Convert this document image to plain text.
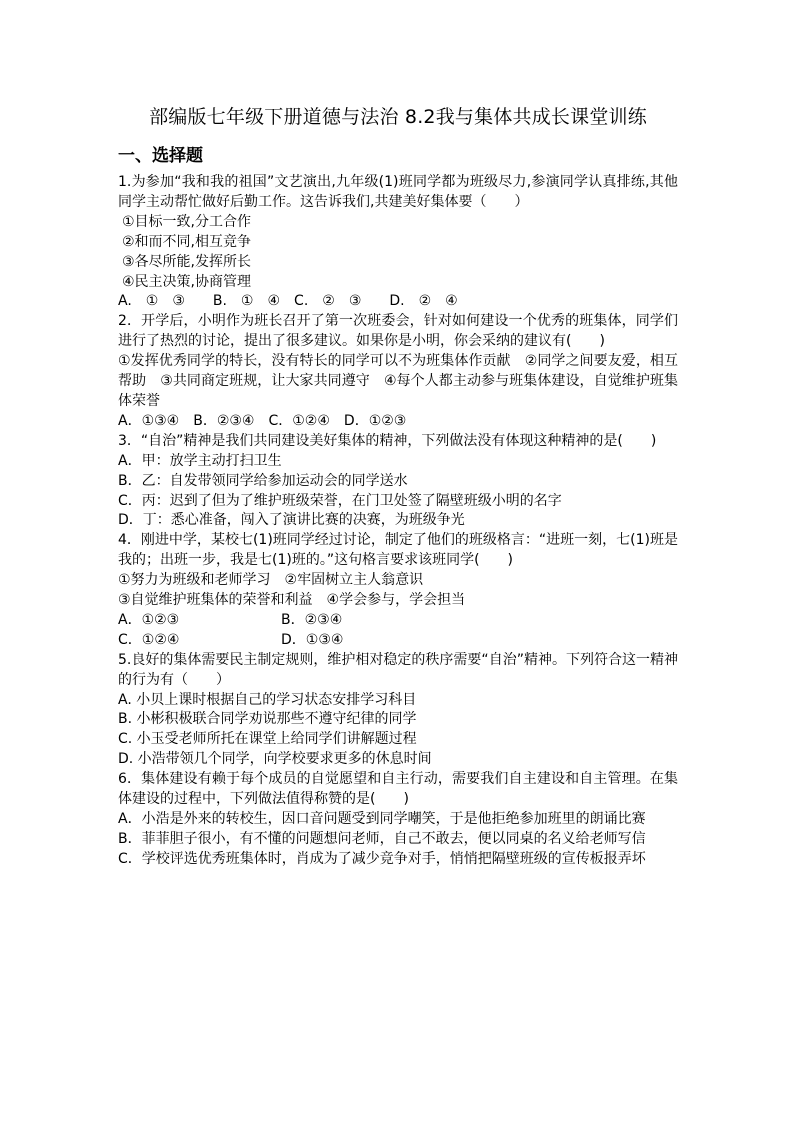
部编版七年级下册道德与法治 8.2我与集体共成长课堂训练
一、选择题
1.为参加“我和我的祖国”文艺演出,九年级(1)班同学都为班级尽力,参演同学认真排练,其他同学主动帮忙做好后勤工作。这告诉我们,共建美好集体要（　　）
①目标一致,分工合作
②和而不同,相互竞争
③各尽所能,发挥所长
④民主决策,协商管理
A.　①　③　　B.　①　④　C.　②　③　　D.　②　④
2．开学后，小明作为班长召开了第一次班委会，针对如何建设一个优秀的班集体，同学们进行了热烈的讨论，提出了很多建议。如果你是小明，你会采纳的建议有(　　)
①发挥优秀同学的特长，没有特长的同学可以不为班集体作贡献　②同学之间要友爱，相互帮助　③共同商定班规，让大家共同遵守　④每个人都主动参与班集体建设，自觉维护班集体荣誉
A．①③④　B．②③④　C．①②④　D．①②③
3．“自治”精神是我们共同建设美好集体的精神，下列做法没有体现这种精神的是(　　)
A．甲：放学主动打扫卫生
B．乙：自发带领同学给参加运动会的同学送水
C．丙：迟到了但为了维护班级荣誉，在门卫处签了隔壁班级小明的名字
D．丁：悉心准备，闯入了演讲比赛的决赛，为班级争光
4．刚进中学，某校七(1)班同学经过讨论，制定了他们的班级格言：“进班一刻，七(1)班是我的；出班一步，我是七(1)班的。”这句格言要求该班同学(　　)
①努力为班级和老师学习　②牢固树立主人翁意识
③自觉维护班集体的荣誉和利益　④学会参与，学会担当
A．①②③	B．②③④
C．①②④	D．①③④
5.良好的集体需要民主制定规则，维护相对稳定的秩序需要“自治”精神。下列符合这一精神的行为有（　　）
A. 小贝上课时根据自己的学习状态安排学习科目
B. 小彬积极联合同学劝说那些不遵守纪律的同学
C. 小玉受老师所托在课堂上给同学们讲解题过程
D. 小浩带领几个同学，向学校要求更多的休息时间
6．集体建设有赖于每个成员的自觉愿望和自主行动，需要我们自主建设和自主管理。在集体建设的过程中，下列做法值得称赞的是(　　)
A．小浩是外来的转校生，因口音问题受到同学嘲笑，于是他拒绝参加班里的朗诵比赛
B．菲菲胆子很小，有不懂的问题想问老师，自己不敢去，便以同桌的名义给老师写信
C．学校评选优秀班集体时，肖成为了减少竞争对手，悄悄把隔壁班级的宣传板报弄坏
